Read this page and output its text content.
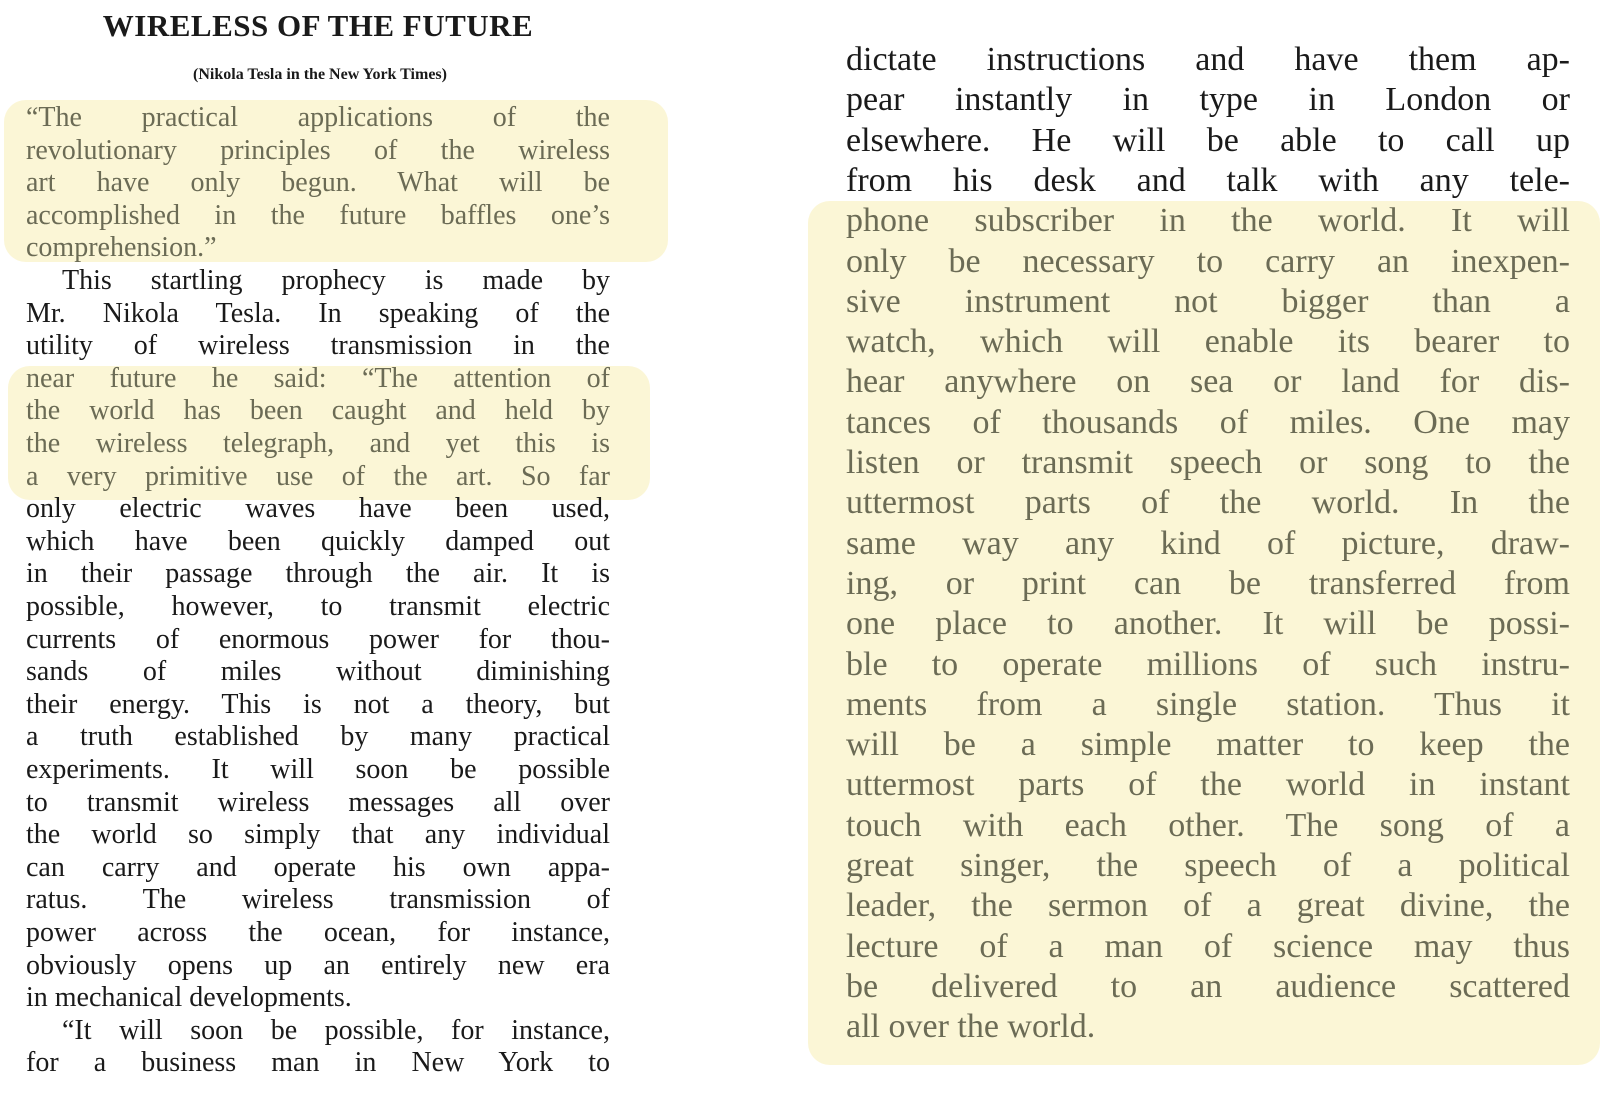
WIRELESS OF THE FUTURE
(Nikola Tesla in the New York Times)

“The practical applications of the

revolutionary principles of the wireless

art have only begun. What will be

accomplished in the future baffles one’s

comprehension.”

This startling prophecy is made by

Mr. Nikola Tesla. In speaking of the

utility of wireless transmission in the

near future he said: “The attention of

the world has been caught and held by

the wireless telegraph, and yet this is

a very primitive use of the art. So far

only electric waves have been used,

which have been quickly damped out

in their passage through the air. It is

possible, however, to transmit electric

currents of enormous power for thou-

sands of miles without diminishing

their energy. This is not a theory, but

a truth established by many practical

experiments. It will soon be possible

to transmit wireless messages all over

the world so simply that any individual

can carry and operate his own appa-

ratus. The wireless transmission of

power across the ocean, for instance,

obviously opens up an entirely new era

in mechanical developments.

“It will soon be possible, for instance,

for a business man in New York to

dictate instructions and have them ap-

pear instantly in type in London or

elsewhere. He will be able to call up

from his desk and talk with any tele-

phone subscriber in the world. It will

only be necessary to carry an inexpen-

sive instrument not bigger than a

watch, which will enable its bearer to

hear anywhere on sea or land for dis-

tances of thousands of miles. One may

listen or transmit speech or song to the

uttermost parts of the world. In the

same way any kind of picture, draw-

ing, or print can be transferred from

one place to another. It will be possi-

ble to operate millions of such instru-

ments from a single station. Thus it

will be a simple matter to keep the

uttermost parts of the world in instant

touch with each other. The song of a

great singer, the speech of a political

leader, the sermon of a great divine, the

lecture of a man of science may thus

be delivered to an audience scattered

all over the world.
